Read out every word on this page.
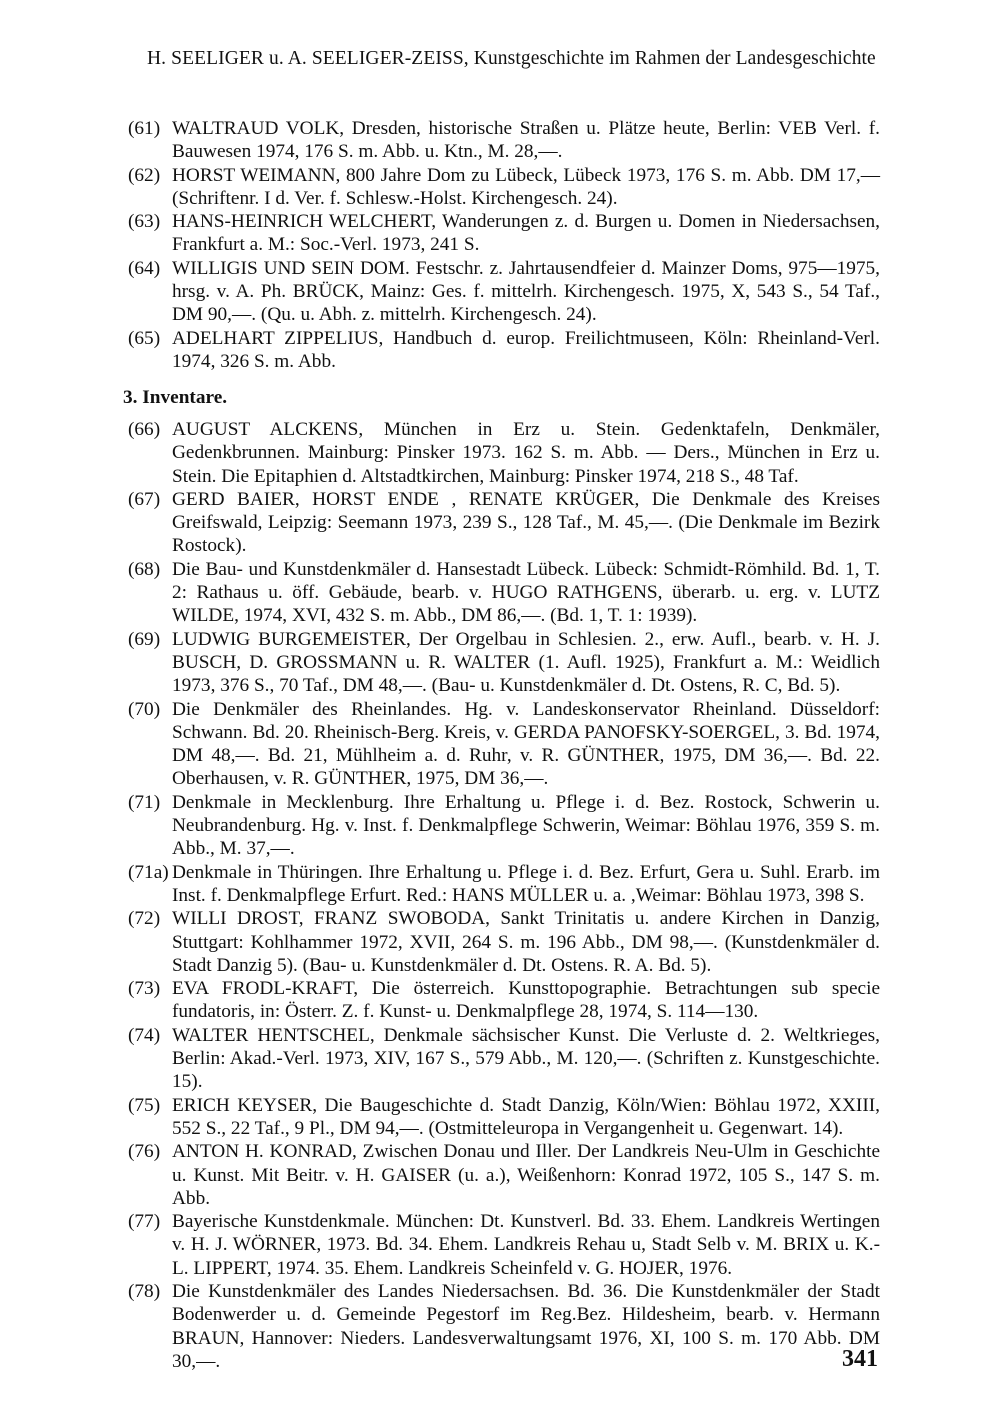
H. SEELIGER u. A. SEELIGER-ZEISS, Kunstgeschichte im Rahmen der Landesgeschichte
(61) WALTRAUD VOLK, Dresden, historische Straßen u. Plätze heute, Berlin: VEB Verl. f. Bauwesen 1974, 176 S. m. Abb. u. Ktn., M. 28,—.
(62) HORST WEIMANN, 800 Jahre Dom zu Lübeck, Lübeck 1973, 176 S. m. Abb. DM 17,— (Schriftenr. I d. Ver. f. Schlesw.-Holst. Kirchengesch. 24).
(63) HANS-HEINRICH WELCHERT, Wanderungen z. d. Burgen u. Domen in Niedersachsen, Frankfurt a. M.: Soc.-Verl. 1973, 241 S.
(64) WILLIGIS UND SEIN DOM. Festschr. z. Jahrtausendfeier d. Mainzer Doms, 975—1975, hrsg. v. A. Ph. BRÜCK, Mainz: Ges. f. mittelrh. Kirchengesch. 1975, X, 543 S., 54 Taf., DM 90,—. (Qu. u. Abh. z. mittelrh. Kirchengesch. 24).
(65) ADELHART ZIPPELIUS, Handbuch d. europ. Freilichtmuseen, Köln: Rheinland-Verl. 1974, 326 S. m. Abb.
3. Inventare.
(66) AUGUST ALCKENS, München in Erz u. Stein. Gedenktafeln, Denkmäler, Gedenkbrunnen. Mainburg: Pinsker 1973. 162 S. m. Abb. — Ders., München in Erz u. Stein. Die Epitaphien d. Altstadtkirchen, Mainburg: Pinsker 1974, 218 S., 48 Taf.
(67) GERD BAIER, HORST ENDE , RENATE KRÜGER, Die Denkmale des Kreises Greifswald, Leipzig: Seemann 1973, 239 S., 128 Taf., M. 45,—. (Die Denkmale im Bezirk Rostock).
(68) Die Bau- und Kunstdenkmäler d. Hansestadt Lübeck. Lübeck: Schmidt-Römhild. Bd. 1, T. 2: Rathaus u. öff. Gebäude, bearb. v. HUGO RATHGENS, überarb. u. erg. v. LUTZ WILDE, 1974, XVI, 432 S. m. Abb., DM 86,—. (Bd. 1, T. 1: 1939).
(69) LUDWIG BURGEMEISTER, Der Orgelbau in Schlesien. 2., erw. Aufl., bearb. v. H. J. BUSCH, D. GROSSMANN u. R. WALTER (1. Aufl. 1925), Frankfurt a. M.: Weidlich 1973, 376 S., 70 Taf., DM 48,—. (Bau- u. Kunstdenkmäler d. Dt. Ostens, R. C, Bd. 5).
(70) Die Denkmäler des Rheinlandes. Hg. v. Landeskonservator Rheinland. Düsseldorf: Schwann. Bd. 20. Rheinisch-Berg. Kreis, v. GERDA PANOFSKY-SOERGEL, 3. Bd. 1974, DM 48,—. Bd. 21, Mühlheim a. d. Ruhr, v. R. GÜNTHER, 1975, DM 36,—. Bd. 22. Oberhausen, v. R. GÜNTHER, 1975, DM 36,—.
(71) Denkmale in Mecklenburg. Ihre Erhaltung u. Pflege i. d. Bez. Rostock, Schwerin u. Neubrandenburg. Hg. v. Inst. f. Denkmalpflege Schwerin, Weimar: Böhlau 1976, 359 S. m. Abb., M. 37,—.
(71a) Denkmale in Thüringen. Ihre Erhaltung u. Pflege i. d. Bez. Erfurt, Gera u. Suhl. Erarb. im Inst. f. Denkmalpflege Erfurt. Red.: HANS MÜLLER u. a. ,Weimar: Böhlau 1973, 398 S.
(72) WILLI DROST, FRANZ SWOBODA, Sankt Trinitatis u. andere Kirchen in Danzig, Stuttgart: Kohlhammer 1972, XVII, 264 S. m. 196 Abb., DM 98,—. (Kunstdenkmäler d. Stadt Danzig 5). (Bau- u. Kunstdenkmäler d. Dt. Ostens. R. A. Bd. 5).
(73) EVA FRODL-KRAFT, Die österreich. Kunsttopographie. Betrachtungen sub specie fundatoris, in: Österr. Z. f. Kunst- u. Denkmalpflege 28, 1974, S. 114—130.
(74) WALTER HENTSCHEL, Denkmale sächsischer Kunst. Die Verluste d. 2. Weltkrieges, Berlin: Akad.-Verl. 1973, XIV, 167 S., 579 Abb., M. 120,—. (Schriften z. Kunstgeschichte. 15).
(75) ERICH KEYSER, Die Baugeschichte d. Stadt Danzig, Köln/Wien: Böhlau 1972, XXIII, 552 S., 22 Taf., 9 Pl., DM 94,—. (Ostmitteleuropa in Vergangenheit u. Gegenwart. 14).
(76) ANTON H. KONRAD, Zwischen Donau und Iller. Der Landkreis Neu-Ulm in Geschichte u. Kunst. Mit Beitr. v. H. GAISER (u. a.), Weißenhorn: Konrad 1972, 105 S., 147 S. m. Abb.
(77) Bayerische Kunstdenkmale. München: Dt. Kunstverl. Bd. 33. Ehem. Landkreis Wertingen v. H. J. WÖRNER, 1973. Bd. 34. Ehem. Landkreis Rehau u, Stadt Selb v. M. BRIX u. K.-L. LIPPERT, 1974. 35. Ehem. Landkreis Scheinfeld v. G. HOJER, 1976.
(78) Die Kunstdenkmäler des Landes Niedersachsen. Bd. 36. Die Kunstdenkmäler der Stadt Bodenwerder u. d. Gemeinde Pegestorf im Reg.Bez. Hildesheim, bearb. v. Hermann BRAUN, Hannover: Nieders. Landesverwaltungsamt 1976, XI, 100 S. m. 170 Abb. DM 30,—.	341
